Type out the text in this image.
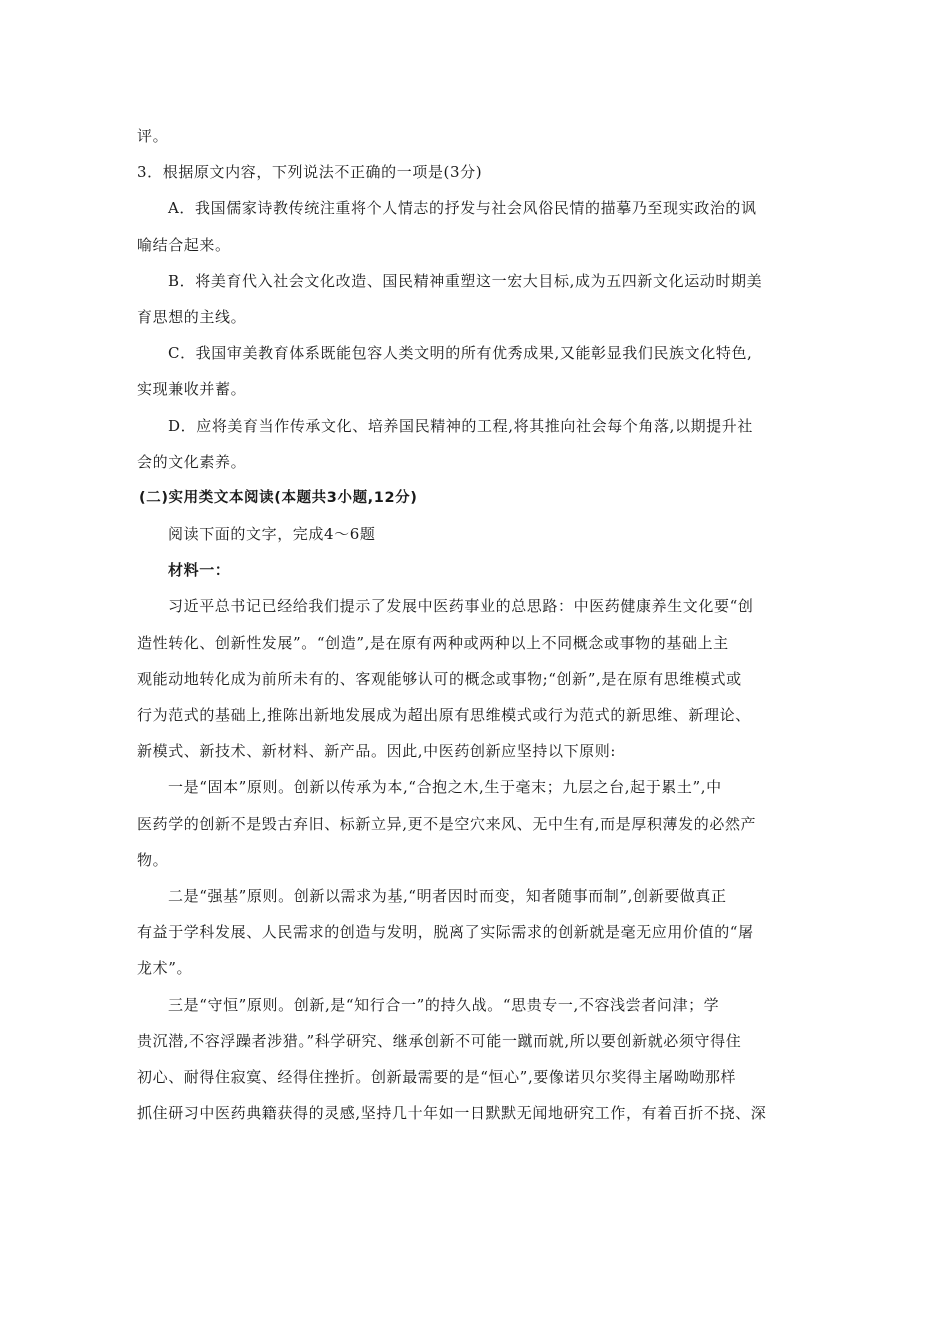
评。
3．根据原文内容，下列说法不正确的一项是(3分)
A．我国儒家诗教传统注重将个人情志的抒发与社会风俗民情的描摹乃至现实政治的讽
喻结合起来。
B．将美育代入社会文化改造、国民精神重塑这一宏大目标,成为五四新文化运动时期美
育思想的主线。
C．我国审美教育体系既能包容人类文明的所有优秀成果,又能彰显我们民族文化特色,
实现兼收并蓄。
D．应将美育当作传承文化、培养国民精神的工程,将其推向社会每个角落,以期提升社
会的文化素养。
(二)实用类文本阅读(本题共3小题,12分)
阅读下面的文字，完成4～6题
材料一：
习近平总书记已经给我们提示了发展中医药事业的总思路：中医药健康养生文化要“创
造性转化、创新性发展”。“创造”,是在原有两种或两种以上不同概念或事物的基础上主
观能动地转化成为前所未有的、客观能够认可的概念或事物;“创新”,是在原有思维模式或
行为范式的基础上,推陈出新地发展成为超出原有思维模式或行为范式的新思维、新理论、
新模式、新技术、新材料、新产品。因此,中医药创新应坚持以下原则:
一是“固本”原则。创新以传承为本,“合抱之木,生于毫末；九层之台,起于累土”,中
医药学的创新不是毁古弃旧、标新立异,更不是空穴来风、无中生有,而是厚积薄发的必然产
物。
二是“强基”原则。创新以需求为基,“明者因时而变，知者随事而制”,创新要做真正
有益于学科发展、人民需求的创造与发明，脱离了实际需求的创新就是毫无应用价值的“屠
龙术”。
三是“守恒”原则。创新,是“知行合一”的持久战。“思贵专一,不容浅尝者问津；学
贵沉潜,不容浮躁者涉猎。”科学研究、继承创新不可能一蹴而就,所以要创新就必须守得住
初心、耐得住寂寞、经得住挫折。创新最需要的是“恒心”,要像诺贝尔奖得主屠呦呦那样
抓住研习中医药典籍获得的灵感,坚持几十年如一日默默无闻地研究工作，有着百折不挠、深
